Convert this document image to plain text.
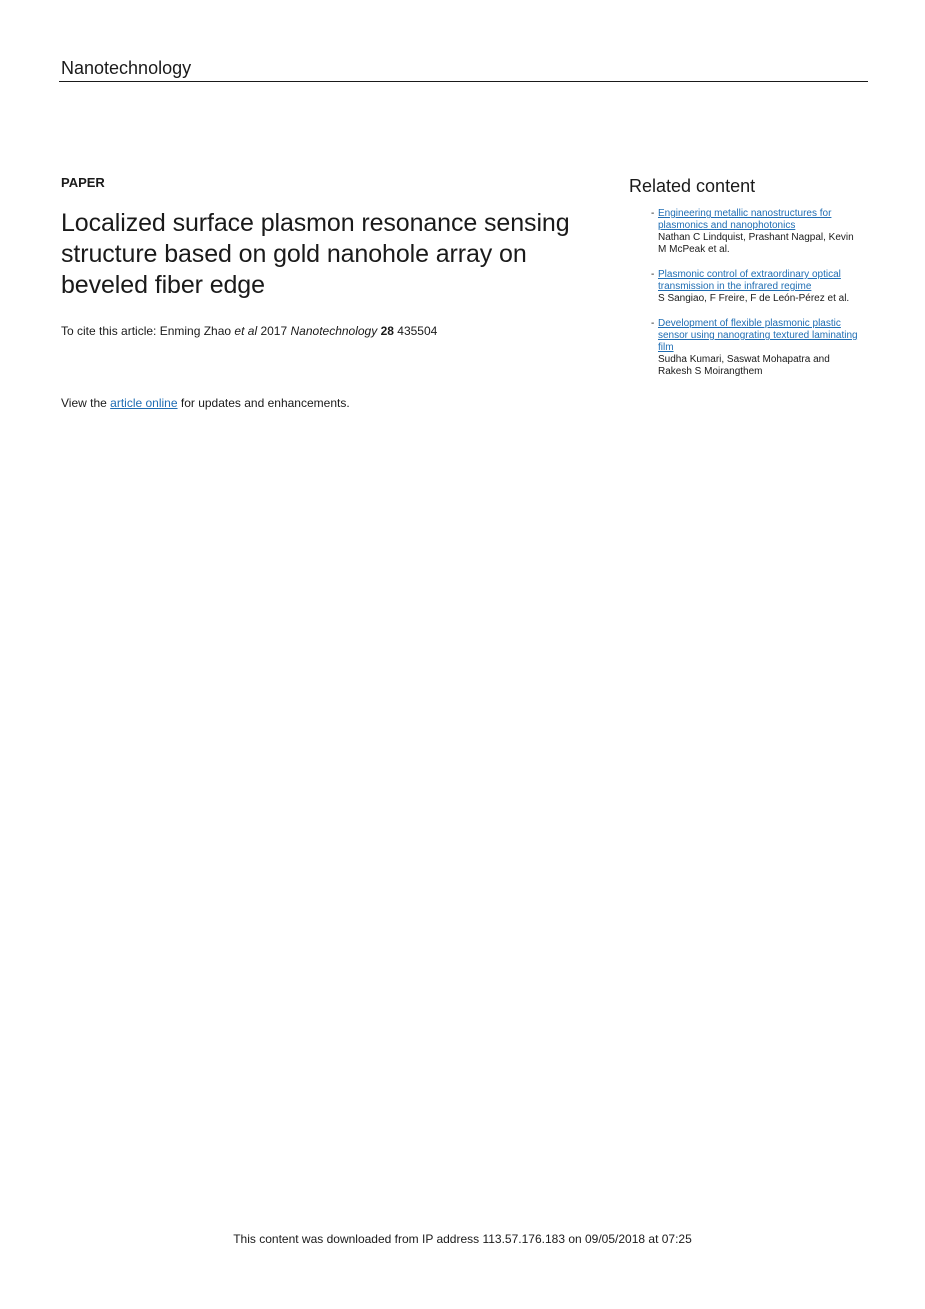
Nanotechnology

PAPER

Localized surface plasmon resonance sensing structure based on gold nanohole array on beveled fiber edge
To cite this article: Enming Zhao et al 2017 Nanotechnology 28 435504
View the article online for updates and enhancements.
Related content
- Engineering metallic nanostructures for plasmonics and nanophotonics
Nathan C Lindquist, Prashant Nagpal, Kevin M McPeak et al.
- Plasmonic control of extraordinary optical transmission in the infrared regime
S Sangiao, F Freire, F de León-Pérez et al.
- Development of flexible plasmonic plastic sensor using nanograting textured laminating film
Sudha Kumari, Saswat Mohapatra and Rakesh S Moirangthem
This content was downloaded from IP address 113.57.176.183 on 09/05/2018 at 07:25
